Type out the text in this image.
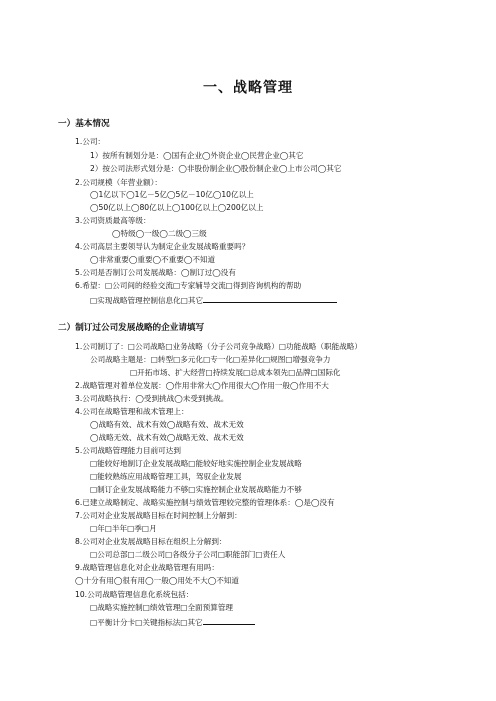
一、战略管理
一）基本情况
1.公司：
1）按所有制划分是：◯国有企业◯外资企业◯民营企业◯其它
2）按公司法形式划分是：◯非股份制企业◯股份制企业◯上市公司◯其它
2.公司规模（年营业额）：
◯1亿以下◯1亿－5亿◯5亿－10亿◯10亿以上
◯50亿以上◯80亿以上◯100亿以上◯200亿以上
3.公司资质最高等级：
◯特级◯一级◯二级◯三级
4.公司高层主要领导认为制定企业发展战略重要吗？
◯非常重要◯重要◯不重要◯不知道
5.公司是否制订公司发展战略：◯制订过◯没有
6.希望：□公司间的经验交流□专家辅导交流□得到咨询机构的帮助
□实现战略管理控制信息化□其它
二）制订过公司发展战略的企业请填写
1.公司制订了：□公司战略□业务战略（分子公司竞争战略）□功能战略（职能战略）
公司战略主题是：□转型□多元化□专一化□差异化□规图□增强竞争力
□开拓市场、扩大经营□持续发展□总成本领先□品牌□国际化
2.战略管理对着单位发展：◯作用非常大◯作用很大◯作用一般◯作用不大
3.公司战略执行：◯受到挑战◯未受到挑战。
4.公司在战略管理和战术管理上：
◯战略有效、战术有效◯战略有效、战术无效
◯战略无效、战术有效◯战略无效、战术无效
5.公司战略管理能力目前可达到
□能较好地制订企业发展战略□能较好地实施控制企业发展战略
□能较熟练应用战略管理工具，驾驭企业发展
□制订企业发展战略能力不够□实施控制企业发展战略能力不够
6.已建立战略制定、战略实施控制与绩效管理较完整的管理体系：◯是◯没有
7.公司对企业发展战略目标在时间控制上分解到：
□年□半年□季□月
8.公司对企业发展战略目标在组织上分解到：
□公司总部□二级公司□各级分子公司□职能部门□责任人
9.战略管理信息化对企业战略管理有用吗：
◯十分有用◯很有用◯一般◯用处不大◯不知道
10.公司战略管理信息化系统包括：
□战略实施控制□绩效管理□全面预算管理
□平衡计分卡□关键指标法□其它
